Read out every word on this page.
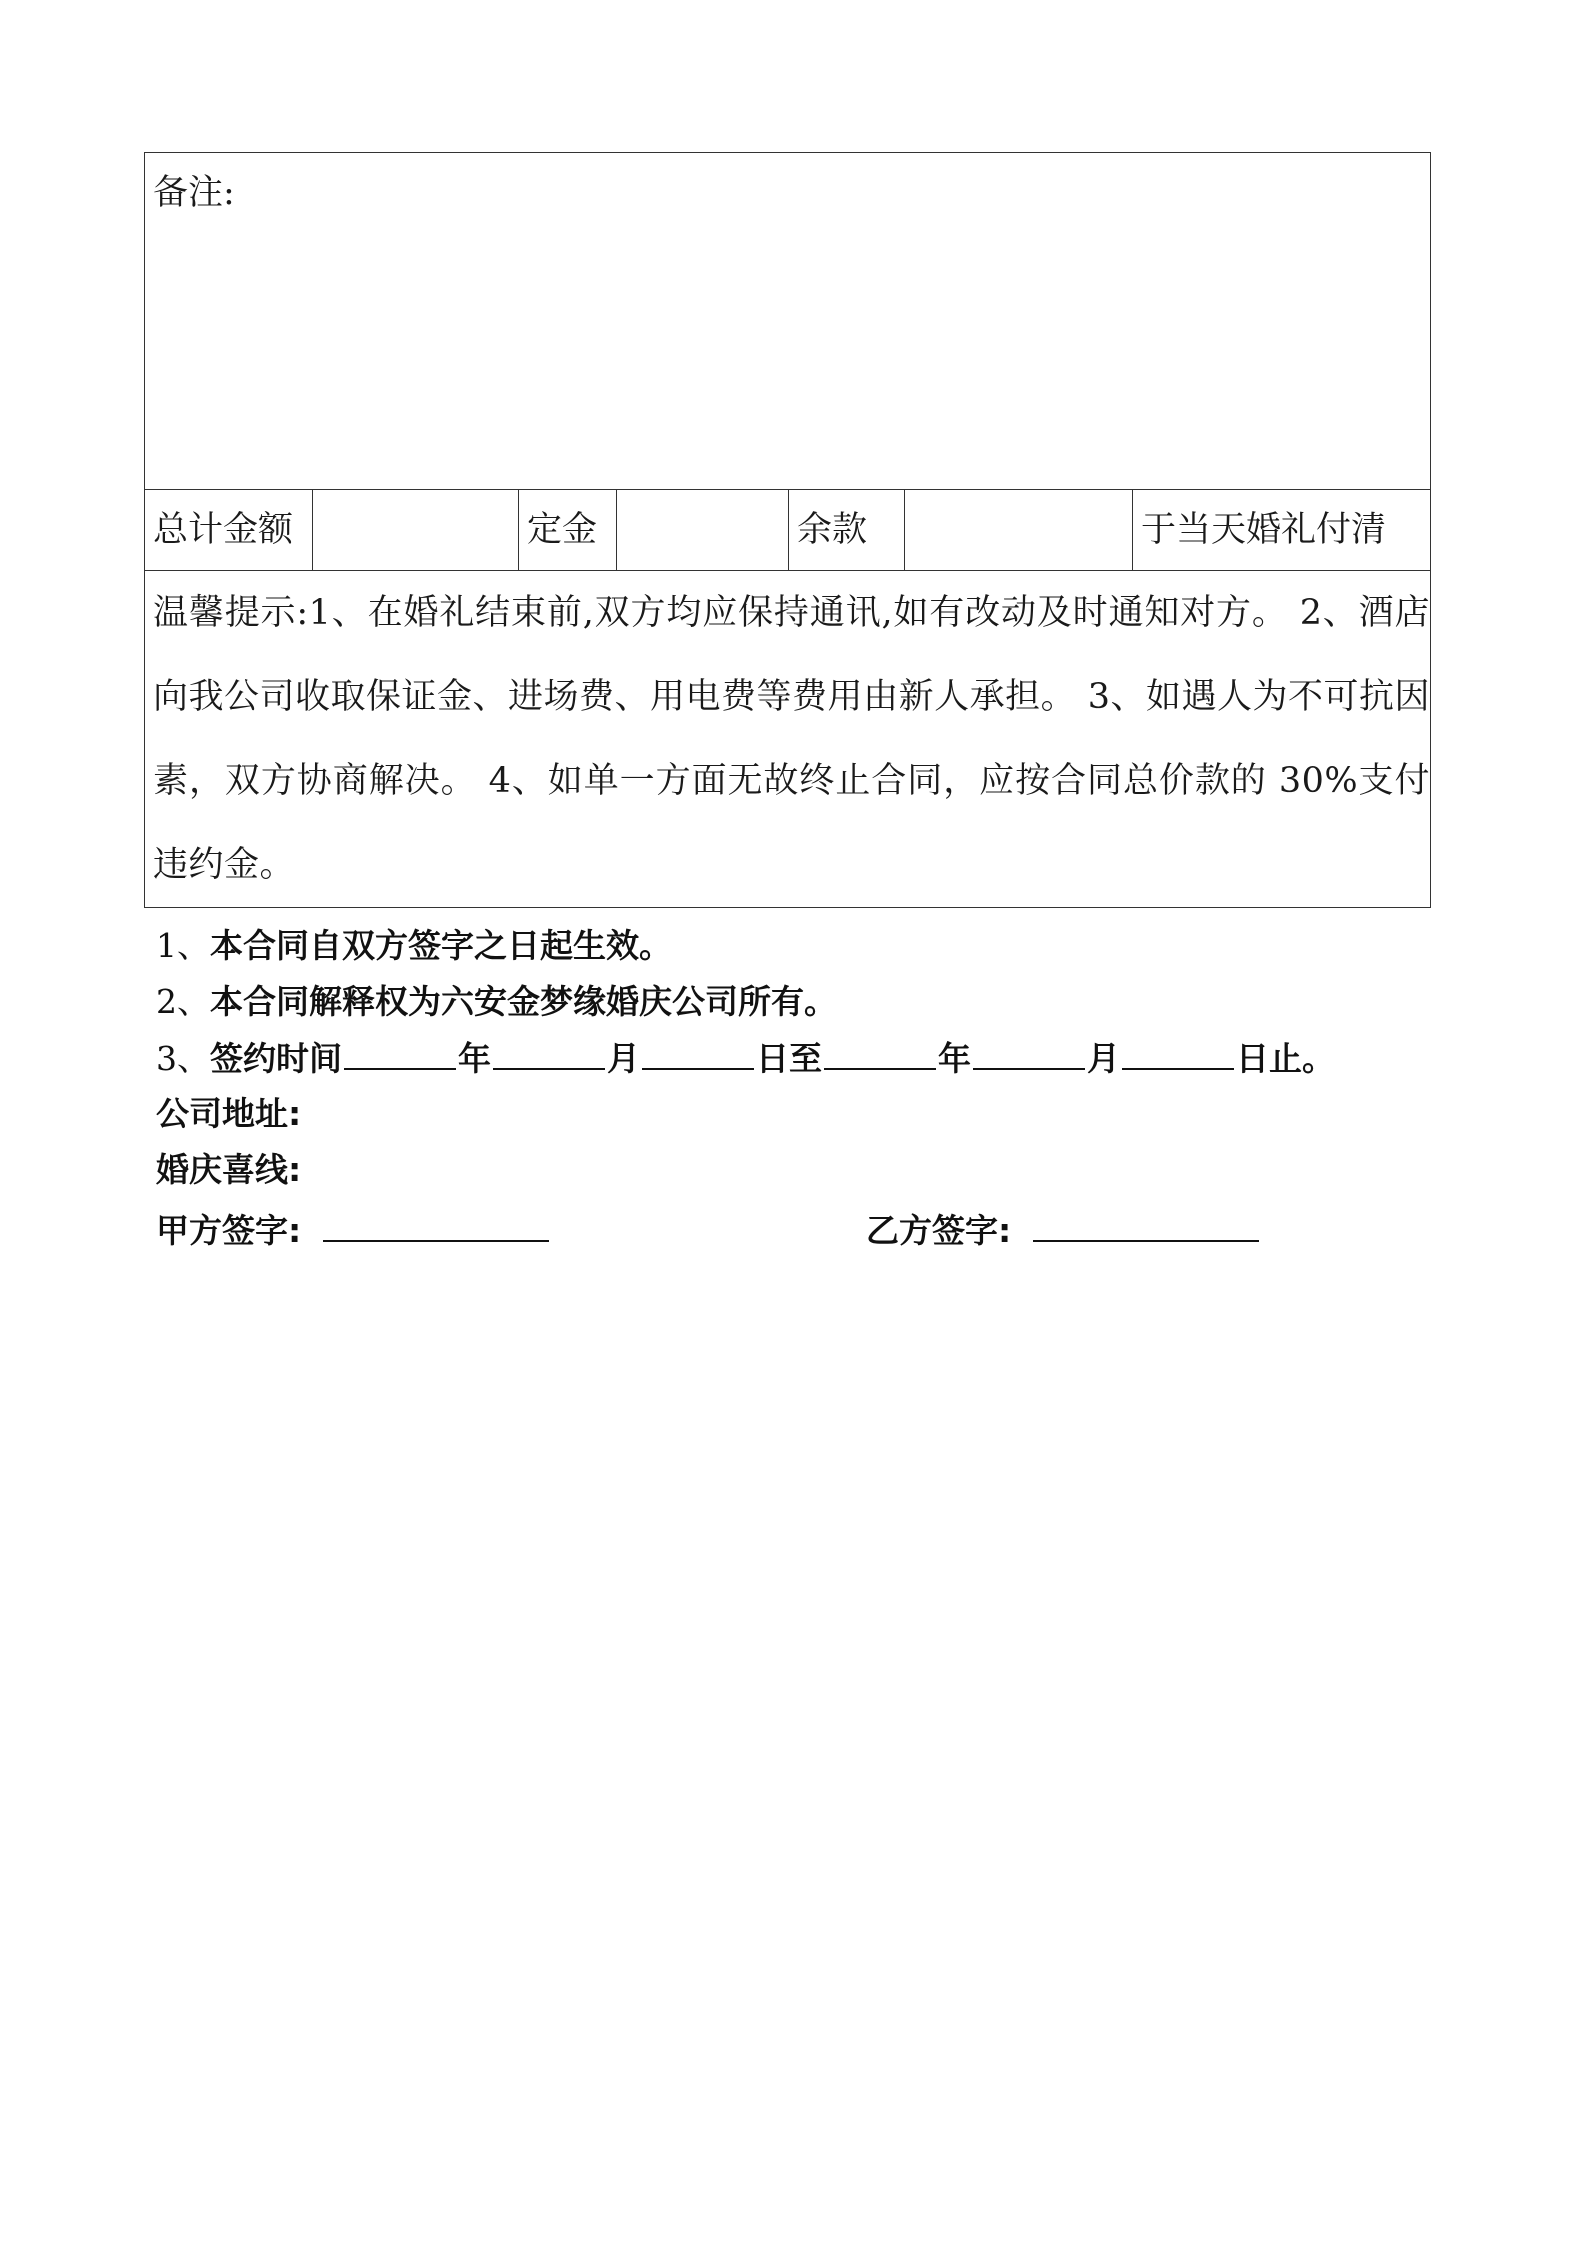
备注:

总计金额		定金		余款		于当天婚礼付清
温馨提示:1、在婚礼结束前,双方均应保持通讯,如有改动及时通知对方。 2、酒店向我公司收取保证金、进场费、用电费等费用由新人承担。 3、如遇人为不可抗因素，双方协商解决。 4、如单一方面无故终止合同，应按合同总价款的 30%支付违约金。
1、本合同自双方签字之日起生效。
2、本合同解释权为六安金梦缘婚庆公司所有。
3、签约时间	年	月	日至	年	月	日止。
公司地址:
婚庆喜线:
甲方签字:	乙方签字:
